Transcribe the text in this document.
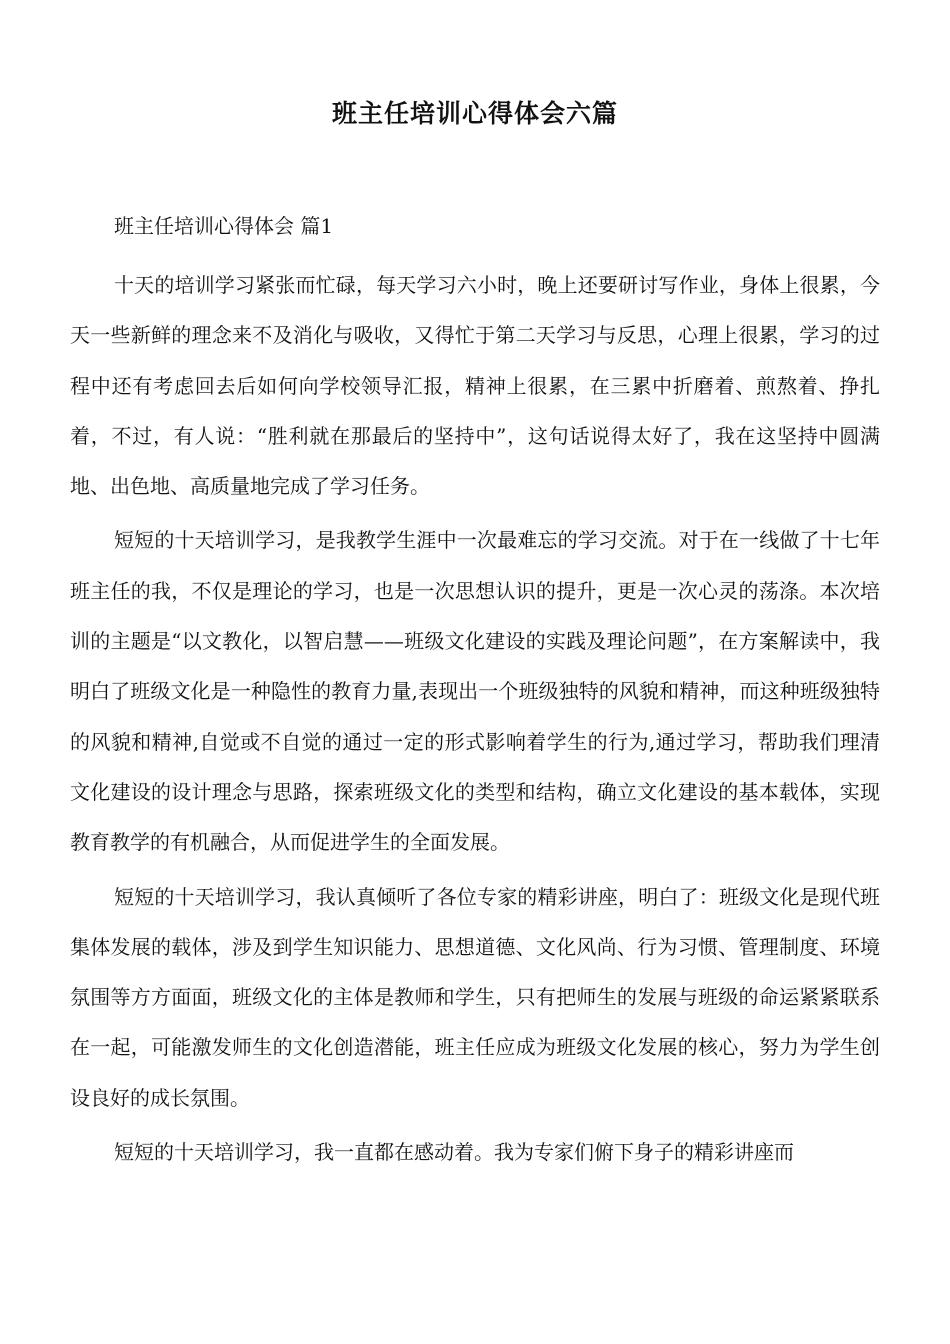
班主任培训心得体会六篇

班主任培训心得体会 篇1

十天的培训学习紧张而忙碌，每天学习六小时，晚上还要研讨写作业，身体上很累，今天一些新鲜的理念来不及消化与吸收，又得忙于第二天学习与反思，心理上很累，学习的过程中还有考虑回去后如何向学校领导汇报，精神上很累，在三累中折磨着、煎熬着、挣扎着，不过，有人说：“胜利就在那最后的坚持中”，这句话说得太好了，我在这坚持中圆满地、出色地、高质量地完成了学习任务。

短短的十天培训学习，是我教学生涯中一次最难忘的学习交流。对于在一线做了十七年班主任的我，不仅是理论的学习，也是一次思想认识的提升，更是一次心灵的荡涤。本次培训的主题是“以文教化，以智启慧——班级文化建设的实践及理论问题”，在方案解读中，我明白了班级文化是一种隐性的教育力量,表现出一个班级独特的风貌和精神，而这种班级独特的风貌和精神,自觉或不自觉的通过一定的形式影响着学生的行为,通过学习，帮助我们理清文化建设的设计理念与思路，探索班级文化的类型和结构，确立文化建设的基本载体，实现教育教学的有机融合，从而促进学生的全面发展。

短短的十天培训学习，我认真倾听了各位专家的精彩讲座，明白了：班级文化是现代班集体发展的载体，涉及到学生知识能力、思想道德、文化风尚、行为习惯、管理制度、环境氛围等方方面面，班级文化的主体是教师和学生，只有把师生的发展与班级的命运紧紧联系在一起，可能激发师生的文化创造潜能，班主任应成为班级文化发展的核心，努力为学生创设良好的成长氛围。

短短的十天培训学习，我一直都在感动着。我为专家们俯下身子的精彩讲座而
